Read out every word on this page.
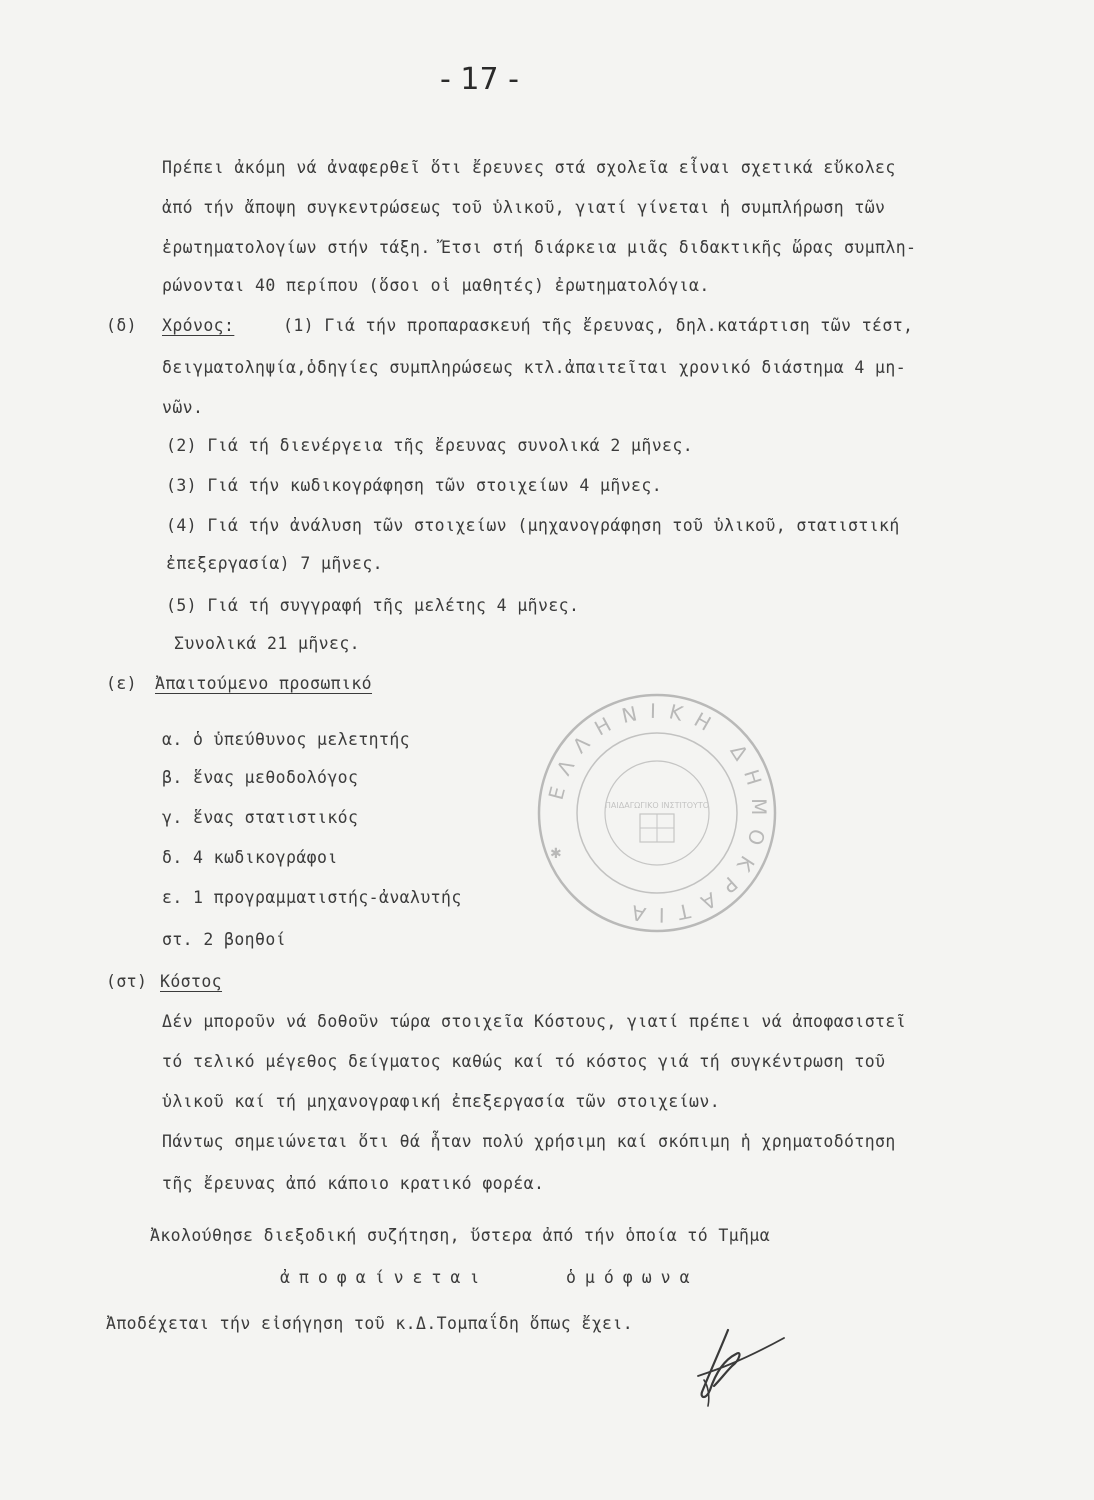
- 17 -
Πρέπει ἀκόμη νά ἀναφερθεῖ ὅτι ἔρευνες στά σχολεῖα εἶναι σχετικά εὔκολες
ἀπό τήν ἄποψη συγκεντρώσεως τοῦ ὑλικοῦ, γιατί γίνεται ἡ συμπλήρωση τῶν
ἐρωτηματολογίων στήν τάξη. Ἔτσι στή διάρκεια μιᾶς διδακτικῆς ὥρας συμπλη-
ρώνονται 40 περίπου (ὅσοι οἱ μαθητές) ἐρωτηματολόγια.
(δ) Χρόνος:	(1) Γιά τήν προπαρασκευή τῆς ἔρευνας, δηλ.κατάρτιση τῶν τέστ,
δειγματοληψία,ὁδηγίες συμπληρώσεως κτλ.ἀπαιτεῖται χρονικό διάστημα 4 μη-
νῶν.
(2) Γιά τή διενέργεια τῆς ἔρευνας συνολικά 2 μῆνες.
(3) Γιά τήν κωδικογράφηση τῶν στοιχείων 4 μῆνες.
(4) Γιά τήν ἀνάλυση τῶν στοιχείων (μηχανογράφηση τοῦ ὑλικοῦ, στατιστική
ἐπεξεργασία) 7 μῆνες.
(5) Γιά τή συγγραφή τῆς μελέτης 4 μῆνες.
Συνολικά 21 μῆνες.
(ε) Ἀπαιτούμενο προσωπικό
α. ὁ ὑπεύθυνος μελετητής
β. ἕνας μεθοδολόγος
γ. ἕνας στατιστικός
δ. 4 κωδικογράφοι
ε. 1 προγραμματιστής-ἀναλυτής
στ. 2 βοηθοί
(στ) Κόστος
Δέν μποροῦν νά δοθοῦν τώρα στοιχεῖα Κόστους, γιατί πρέπει νά ἀποφασιστεῖ
τό τελικό μέγεθος δείγματος καθώς καί τό κόστος γιά τή συγκέντρωση τοῦ
ὑλικοῦ καί τή μηχανογραφική ἐπεξεργασία τῶν στοιχείων.
Πάντως σημειώνεται ὅτι θά ἦταν πολύ χρήσιμη καί σκόπιμη ἡ χρηματοδότηση
τῆς ἔρευνας ἀπό κάποιο κρατικό φορέα.
Ἀκολούθησε διεξοδική συζήτηση, ὕστερα ἀπό τήν ὁποία τό Τμῆμα
ἀποφαίνεται	ὁμόφωνα
Ἀποδέχεται τήν εἰσήγηση τοῦ κ.Δ.Τομπαΐδη ὅπως ἔχει.
ΕΛΛΗΝΙΚΗ ΔΗΜΟΚΡΑΤΙΑ
ΠΑΙΔΑΓΩΓΙΚΟ ΙΝΣΤΙΤΟΥΤΟ
✱
